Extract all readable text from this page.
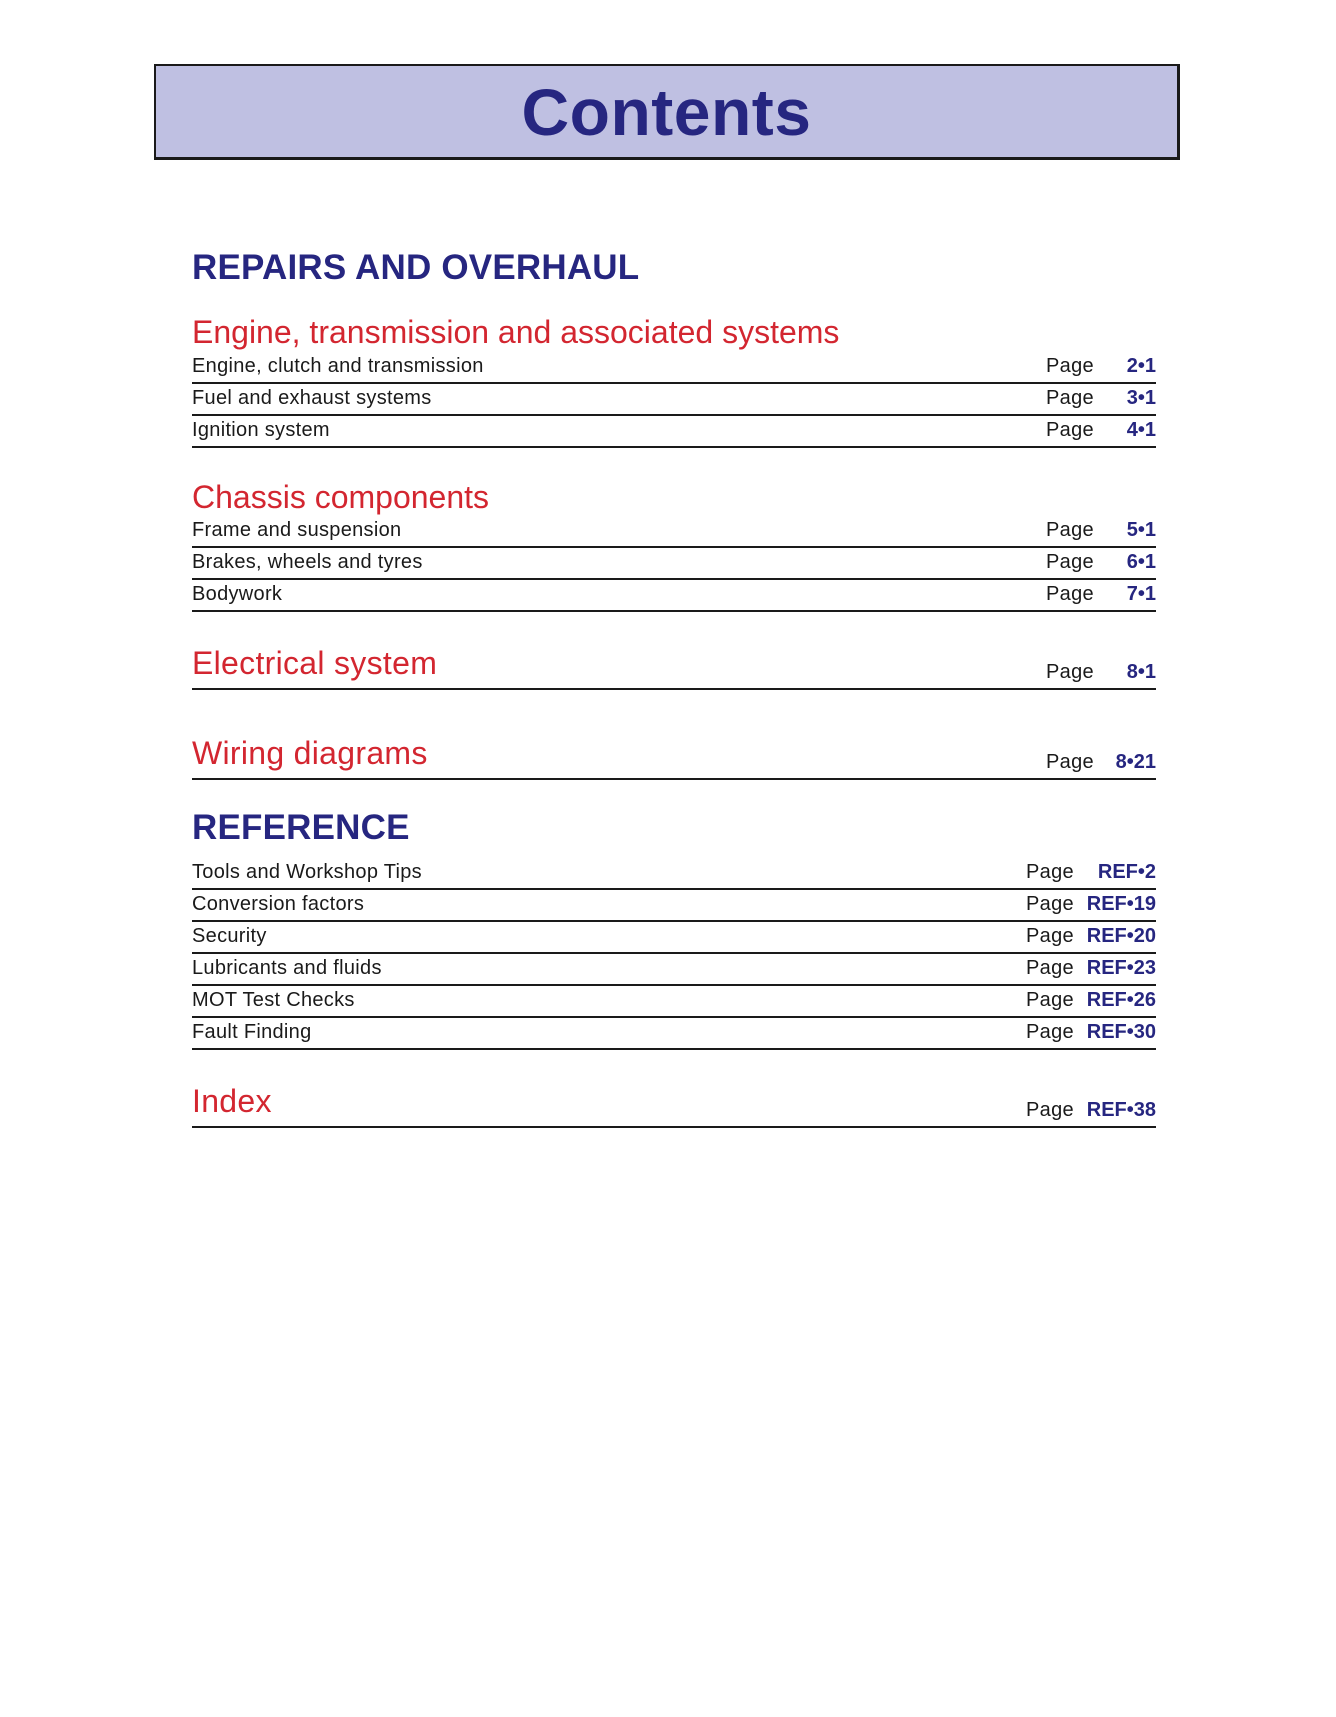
Contents
REPAIRS AND OVERHAUL
Engine, transmission and associated systems
Engine, clutch and transmission	Page 2•1
Fuel and exhaust systems	Page 3•1
Ignition system	Page 4•1
Chassis components
Frame and suspension	Page 5•1
Brakes, wheels and tyres	Page 6•1
Bodywork	Page 7•1
Electrical system	Page 8•1
Wiring diagrams	Page 8•21
REFERENCE
Tools and Workshop Tips	Page REF•2
Conversion factors	Page REF•19
Security	Page REF•20
Lubricants and fluids	Page REF•23
MOT Test Checks	Page REF•26
Fault Finding	Page REF•30
Index	Page REF•38
